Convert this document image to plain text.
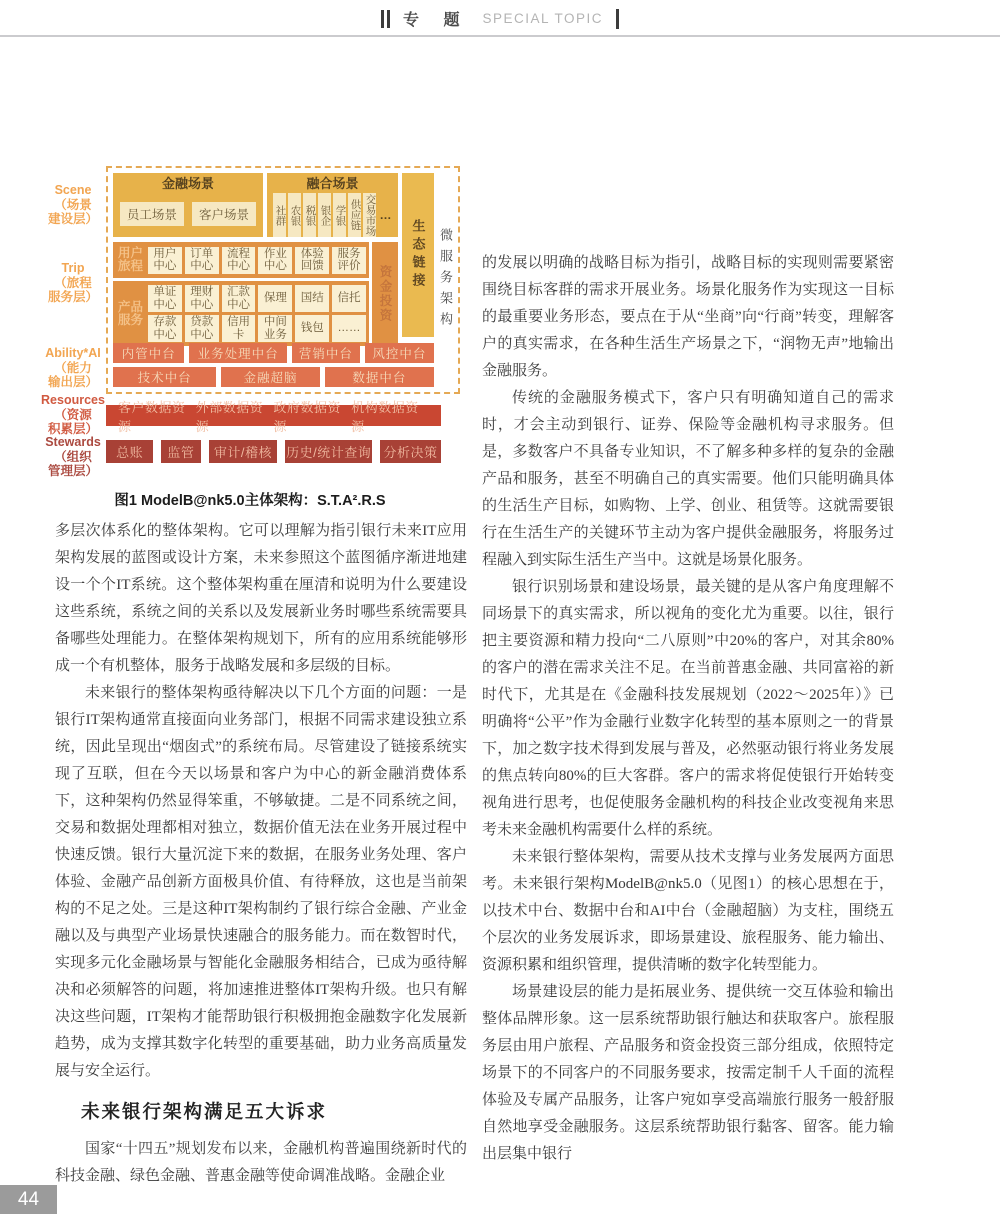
专 题 SPECIAL TOPIC
Scene
（场景
建设层）
Trip
（旅程
服务层）
Ability*AI
（能力
输出层）
Resources
（资源
积累层）
Stewards
（组织
管理层）
金融场景
员工场景	客户场景
融合场景
社群 农银 税银 银企 学银 供应链 交易市场 …
用户旅程
用户中心
订单中心
流程中心
作业中心
体验回馈
服务评价
产品服务
单证中心
理财中心
汇款中心
保理	国结	信托
存款中心
贷款中心
信用卡
中间业务
钱包	……
资金投资
生态链接
内管中台	业务处理中台	营销中台	风控中台
技术中台	金融超脑	数据中台
微服务架构
客户数据资源
外部数据资源
政府数据资源
机构数据资源
总账	监管	审计/稽核	历史/统计查询 分析决策
图1 ModelB@nk5.0主体架构：S.T.A².R.S

多层次体系化的整体架构。它可以理解为指引银行未来IT应用架构发展的蓝图或设计方案，未来参照这个蓝图循序渐进地建设一个个IT系统。这个整体架构重在厘清和说明为什么要建设这些系统，系统之间的关系以及发展新业务时哪些系统需要具备哪些处理能力。在整体架构规划下，所有的应用系统能够形成一个有机整体，服务于战略发展和多层级的目标。

未来银行的整体架构亟待解决以下几个方面的问题：一是银行IT架构通常直接面向业务部门，根据不同需求建设独立系统，因此呈现出“烟囱式”的系统布局。尽管建设了链接系统实现了互联，但在今天以场景和客户为中心的新金融消费体系下，这种架构仍然显得笨重，不够敏捷。二是不同系统之间，交易和数据处理都相对独立，数据价值无法在业务开展过程中快速反馈。银行大量沉淀下来的数据，在服务业务处理、客户体验、金融产品创新方面极具价值、有待释放，这也是当前架构的不足之处。三是这种IT架构制约了银行综合金融、产业金融以及与典型产业场景快速融合的服务能力。而在数智时代，实现多元化金融场景与智能化金融服务相结合，已成为亟待解决和必须解答的问题，将加速推进整体IT架构升级。也只有解决这些问题，IT架构才能帮助银行积极拥抱金融数字化发展新趋势，成为支撑其数字化转型的重要基础，助力业务高质量发展与安全运行。

未来银行架构满足五大诉求

国家“十四五”规划发布以来，金融机构普遍围绕新时代的科技金融、绿色金融、普惠金融等使命调准战略。金融企业

的发展以明确的战略目标为指引，战略目标的实现则需要紧密围绕目标客群的需求开展业务。场景化服务作为实现这一目标的最重要业务形态，要点在于从“坐商”向“行商”转变，理解客户的真实需求，在各种生活生产场景之下，“润物无声”地输出金融服务。

传统的金融服务模式下，客户只有明确知道自己的需求时，才会主动到银行、证券、保险等金融机构寻求服务。但是，多数客户不具备专业知识，不了解多种多样的复杂的金融产品和服务，甚至不明确自己的真实需要。他们只能明确具体的生活生产目标，如购物、上学、创业、租赁等。这就需要银行在生活生产的关键环节主动为客户提供金融服务，将服务过程融入到实际生活生产当中。这就是场景化服务。

银行识别场景和建设场景，最关键的是从客户角度理解不同场景下的真实需求，所以视角的变化尤为重要。以往，银行把主要资源和精力投向“二八原则”中20%的客户，对其余80%的客户的潜在需求关注不足。在当前普惠金融、共同富裕的新时代下，尤其是在《金融科技发展规划（2022～2025年）》已明确将“公平”作为金融行业数字化转型的基本原则之一的背景下，加之数字技术得到发展与普及，必然驱动银行将业务发展的焦点转向80%的巨大客群。客户的需求将促使银行开始转变视角进行思考，也促使服务金融机构的科技企业改变视角来思考未来金融机构需要什么样的系统。

未来银行整体架构，需要从技术支撑与业务发展两方面思考。未来银行架构ModelB@nk5.0（见图1）的核心思想在于，以技术中台、数据中台和AI中台（金融超脑）为支柱，围绕五个层次的业务发展诉求，即场景建设、旅程服务、能力输出、资源积累和组织管理，提供清晰的数字化转型能力。

场景建设层的能力是拓展业务、提供统一交互体验和输出整体品牌形象。这一层系统帮助银行触达和获取客户。旅程服务层由用户旅程、产品服务和资金投资三部分组成，依照特定场景下的不同客户的不同服务要求，按需定制千人千面的流程体验及专属产品服务，让客户宛如享受高端旅行服务一般舒服自然地享受金融服务。这层系统帮助银行黏客、留客。能力输出层集中银行

44
